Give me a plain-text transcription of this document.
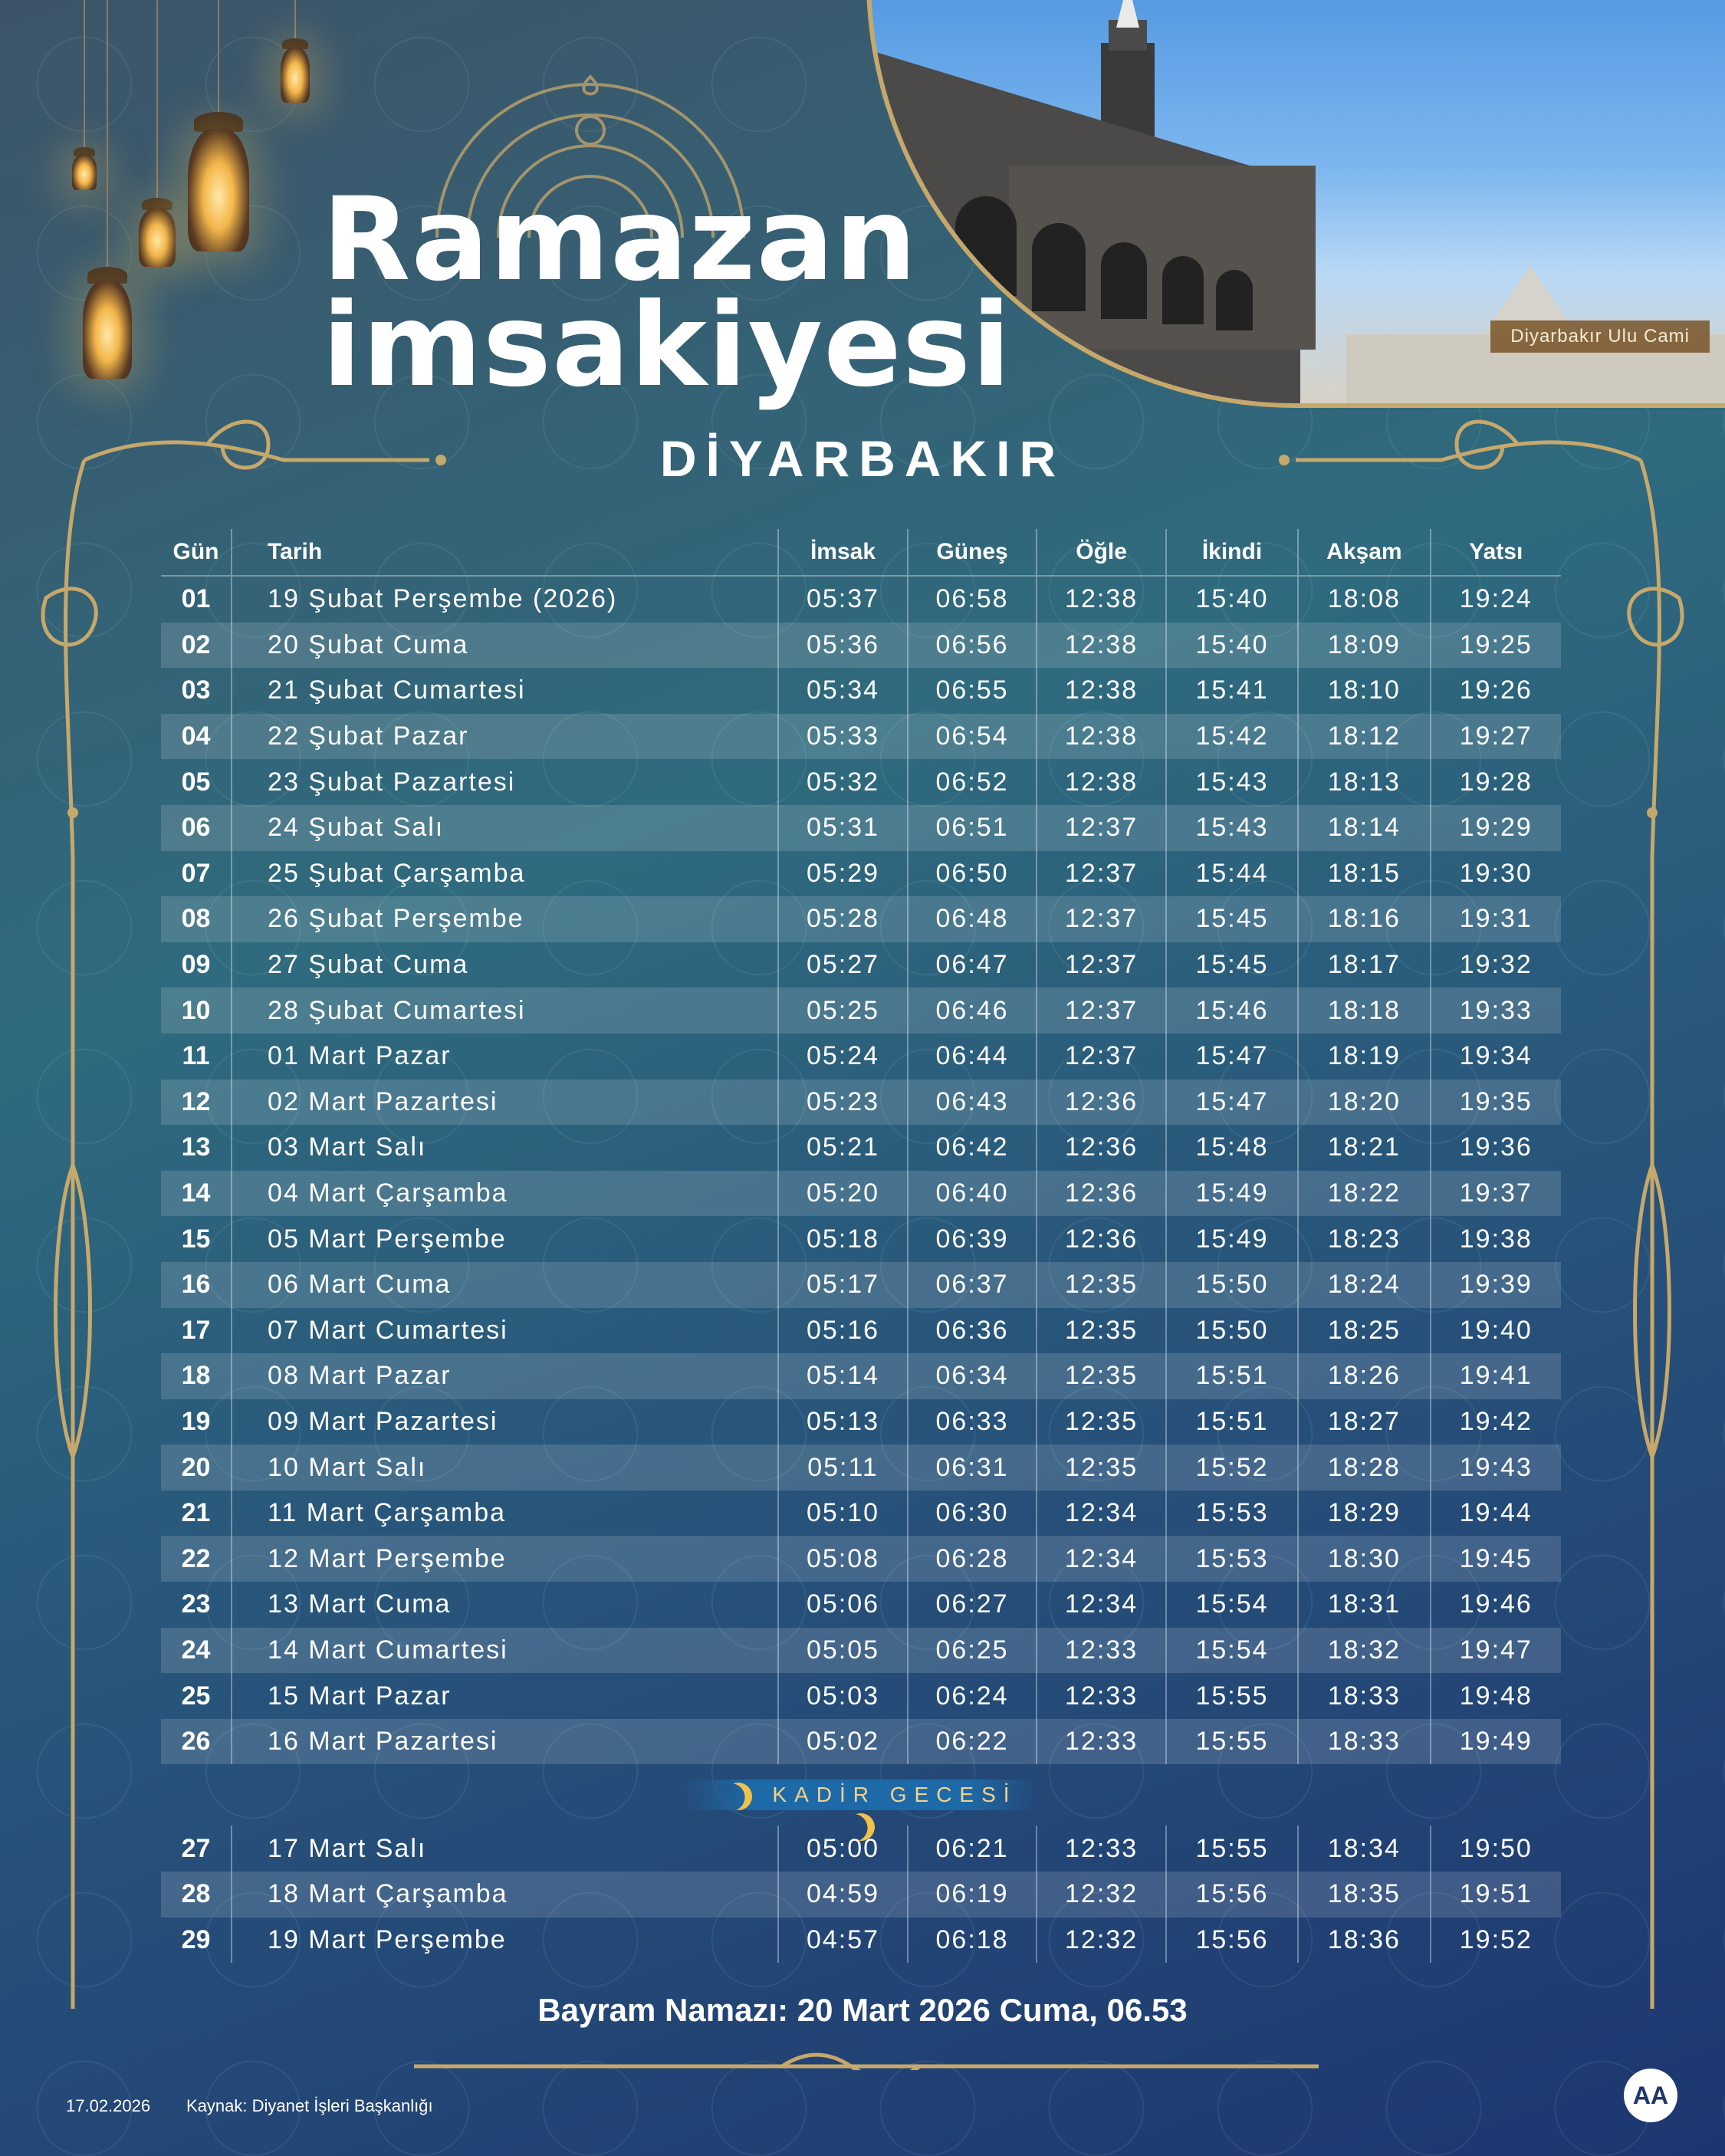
Ramazan
imsakiyesi	Diyarbakır Ulu Cami
DİYARBAKIR
Gün	Tarih	İmsak	Güneş	Öğle	İkindi	Akşam	Yatsı
01	19 Şubat Perşembe (2026)	05:37	06:58	12:38	15:40	18:08	19:24
02	20 Şubat Cuma	05:36	06:56	12:38	15:40	18:09	19:25
03	21 Şubat Cumartesi	05:34	06:55	12:38	15:41	18:10	19:26
04	22 Şubat Pazar	05:33	06:54	12:38	15:42	18:12	19:27
05	23 Şubat Pazartesi	05:32	06:52	12:38	15:43	18:13	19:28
06	24 Şubat Salı	05:31	06:51	12:37	15:43	18:14	19:29
07	25 Şubat Çarşamba	05:29	06:50	12:37	15:44	18:15	19:30
08	26 Şubat Perşembe	05:28	06:48	12:37	15:45	18:16	19:31
09	27 Şubat Cuma	05:27	06:47	12:37	15:45	18:17	19:32
10	28 Şubat Cumartesi	05:25	06:46	12:37	15:46	18:18	19:33
11	01 Mart Pazar	05:24	06:44	12:37	15:47	18:19	19:34
12	02 Mart Pazartesi	05:23	06:43	12:36	15:47	18:20	19:35
13	03 Mart Salı	05:21	06:42	12:36	15:48	18:21	19:36
14	04 Mart Çarşamba	05:20	06:40	12:36	15:49	18:22	19:37
15	05 Mart Perşembe	05:18	06:39	12:36	15:49	18:23	19:38
16	06 Mart Cuma	05:17	06:37	12:35	15:50	18:24	19:39
17	07 Mart Cumartesi	05:16	06:36	12:35	15:50	18:25	19:40
18	08 Mart Pazar	05:14	06:34	12:35	15:51	18:26	19:41
19	09 Mart Pazartesi	05:13	06:33	12:35	15:51	18:27	19:42
20	10 Mart Salı	05:11	06:31	12:35	15:52	18:28	19:43
21	11 Mart Çarşamba	05:10	06:30	12:34	15:53	18:29	19:44
22	12 Mart Perşembe	05:08	06:28	12:34	15:53	18:30	19:45
23	13 Mart Cuma	05:06	06:27	12:34	15:54	18:31	19:46
24	14 Mart Cumartesi	05:05	06:25	12:33	15:54	18:32	19:47
25	15 Mart Pazar	05:03	06:24	12:33	15:55	18:33	19:48
26	16 Mart Pazartesi	05:02	06:22	12:33	15:55	18:33	19:49

KADİR GECESİ							

27	17 Mart Salı	05:00	06:21	12:33	15:55	18:34	19:50
28	18 Mart Çarşamba	04:59	06:19	12:32	15:56	18:35	19:51
29	19 Mart Perşembe	04:57	06:18	12:32	15:56	18:36	19:52
Bayram Namazı: 20 Mart 2026 Cuma, 06.53
17.02.2026 Kaynak: Diyanet İşleri Başkanlığı	AA
